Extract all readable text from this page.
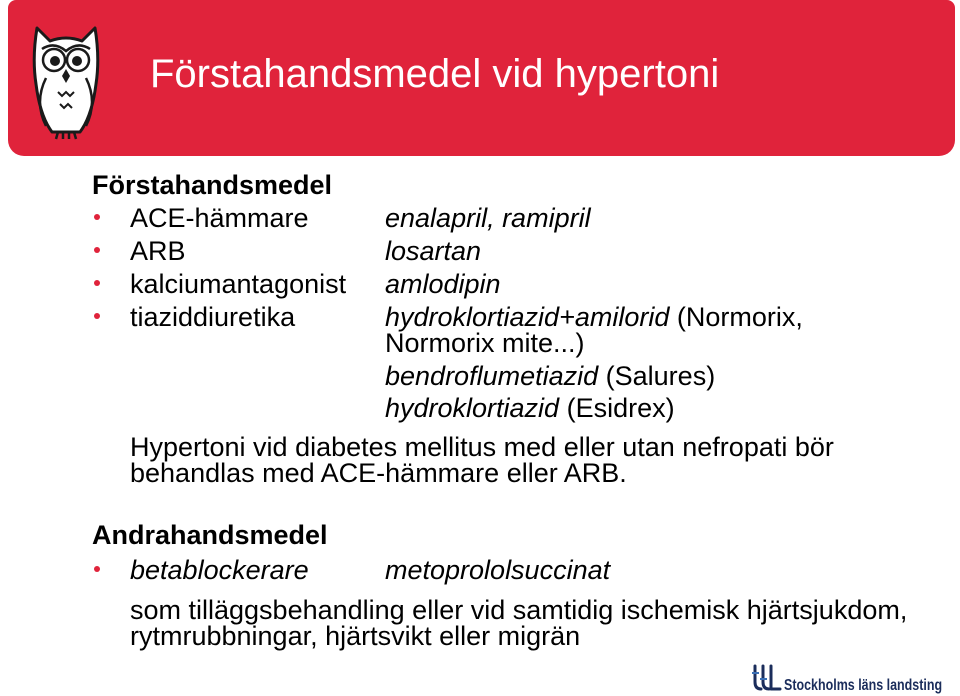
Förstahandsmedel vid hypertoni
Förstahandsmedel
ACE-hämmare	enalapril, ramipril
ARB	losartan
kalciumantagonist amlodipin
tiaziddiuretika	hydroklortiazid+amilorid (Normorix,
Normorix mite...)
bendroflumetiazid (Salures)
hydroklortiazid (Esidrex)
Hypertoni vid diabetes mellitus med eller utan nefropati bör
behandlas med ACE-hämmare eller ARB.
Andrahandsmedel
betablockerare	metoprololsuccinat
som tilläggsbehandling eller vid samtidig ischemisk hjärtsjukdom,
rytmrubbningar, hjärtsvikt eller migrän
Stockholms läns landsting
